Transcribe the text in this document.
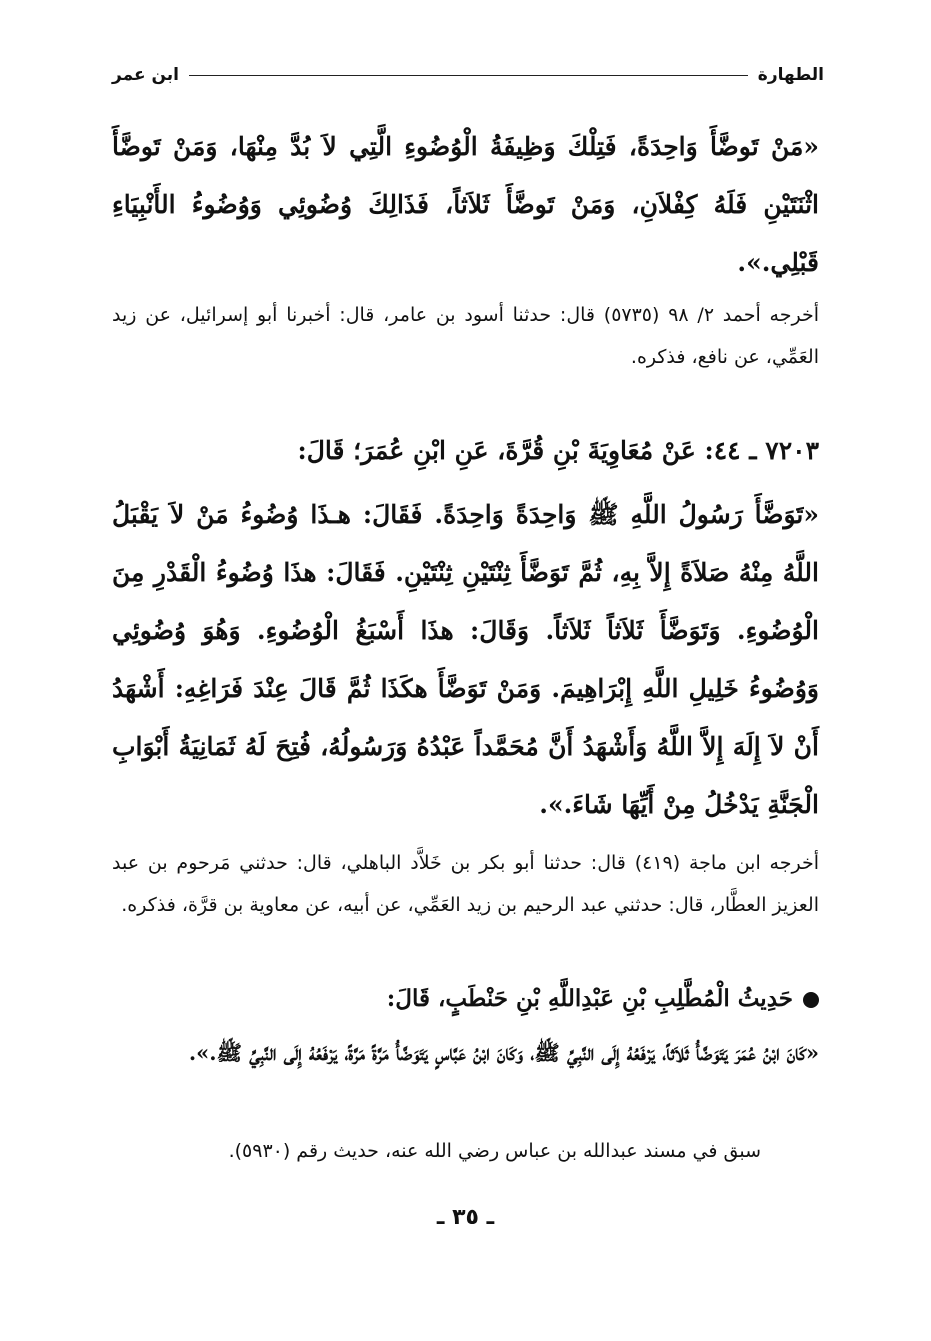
الطهارة
ابن عمر
«مَنْ تَوضَّأَ وَاحِدَةً، فَتِلْكَ وَظِيفَةُ الْوُضُوءِ الَّتِي لاَ بُدَّ مِنْهَا، وَمَنْ تَوضَّأَ اثْنَتَيْنِ فَلَهُ كِفْلاَنِ، وَمَنْ تَوضَّأَ ثَلاَثاً، فَذَالِكَ وُضُوئِي وَوُضُوءُ الأَنْبِيَاءِ قَبْلِي.».
أخرجه أحمد ٢/ ٩٨ (٥٧٣٥) قال: حدثنا أسود بن عامر، قال: أخبرنا أبو إسرائيل، عن زيد العَمِّي، عن نافع، فذكره.
٧٢٠٣ ـ ٤٤: عَنْ مُعَاوِيَةَ بْنِ قُرَّةَ، عَنِ ابْنِ عُمَرَ؛ قَالَ:
«تَوَضَّأَ رَسُولُ اللَّهِ ﷺ وَاحِدَةً وَاحِدَةً. فَقَالَ: هـذَا وُضُوءُ مَنْ لاَ يَقْبَلُ اللَّهُ مِنْهُ صَلاَةً إِلاَّ بِهِ، ثُمَّ تَوَضَّأَ ثِنْتَيْنِ ثِنْتَيْنِ. فَقَالَ: هذَا وُضُوءُ الْقَدْرِ مِنَ الْوُضُوءِ. وَتَوَضَّأَ ثَلاَثاً ثَلاَثاً. وَقَالَ: هذَا أَسْبَغُ الْوُضُوءِ. وَهُوَ وُضُوئِي وَوُضُوءُ خَلِيلِ اللَّهِ إِبْرَاهِيمَ. وَمَنْ تَوَضَّأَ هكَذَا ثُمَّ قَالَ عِنْدَ فَرَاغِهِ: أَشْهَدُ أَنْ لاَ إِلَهَ إِلاَّ اللَّهُ وَأَشْهَدُ أَنَّ مُحَمَّداً عَبْدُهُ وَرَسُولُهُ، فُتِحَ لَهُ ثَمَانِيَةُ أَبْوَابِ الْجَنَّةِ يَدْخُلُ مِنْ أَيِّهَا شَاءَ.».
أخرجه ابن ماجة (٤١٩) قال: حدثنا أبو بكر بن خَلاَّد الباهلي، قال: حدثني مَرحوم بن عبد العزيز العطَّار، قال: حدثني عبد الرحيم بن زيد العَمِّي، عن أبيه، عن معاوية بن قرَّة، فذكره.
حَدِيثُ الْمُطَّلِبِ بْنِ عَبْدِاللَّهِ بْنِ حَنْطَبٍ، قَالَ:
«كَانَ ابْنُ عُمَرَ يَتَوَضَّأُ ثَلاَثاً، يَرْفَعُهُ إِلَى النَّبِيِّ ﷺ، وَكَانَ ابْنُ عَبَّاسٍ يَتَوَضَّأُ مَرَّةً مَرَّةً، يَرْفَعُهُ إِلَى النَّبِيِّ ﷺ.».
سبق في مسند عبدالله بن عباس رضي الله عنه، حديث رقم (٥٩٣٠).
ـ ٣٥ ـ
